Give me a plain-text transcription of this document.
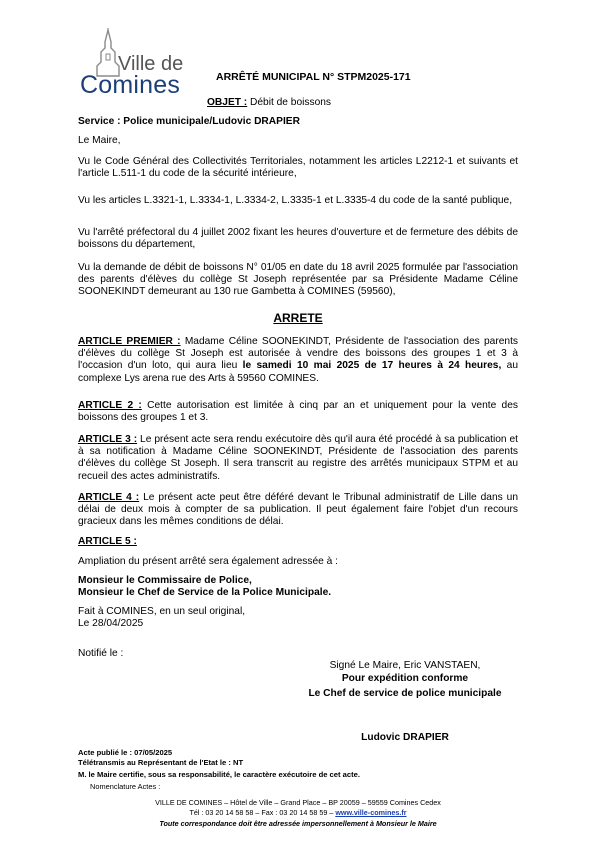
Ville de
Comines	ARRÊTÉ MUNICIPAL N° STPM2025-171
OBJET : Débit de boissons
Service : Police municipale/Ludovic DRAPIER
Le Maire,
Vu le Code Général des Collectivités Territoriales, notamment les articles L2212-1 et suivants et l'article L.511-1 du code de la sécurité intérieure,
Vu les articles L.3321-1, L.3334-1, L.3334-2, L.3335-1 et L.3335-4 du code de la santé publique,
Vu l'arrêté préfectoral du 4 juillet 2002 fixant les heures d'ouverture et de fermeture des débits de boissons du département,
Vu la demande de débit de boissons N° 01/05 en date du 18 avril 2025 formulée par l'association des parents d'élèves du collège St Joseph représentée par sa Présidente Madame Céline SOONEKINDT demeurant au 130 rue Gambetta à COMINES (59560),
ARRETE
ARTICLE PREMIER : Madame Céline SOONEKINDT, Présidente de l'association des parents d'élèves du collège St Joseph est autorisée à vendre des boissons des groupes 1 et 3 à l'occasion d'un loto, qui aura lieu le samedi 10 mai 2025 de 17 heures à 24 heures, au complexe Lys arena rue des Arts à 59560 COMINES.
ARTICLE 2 : Cette autorisation est limitée à cinq par an et uniquement pour la vente des boissons des groupes 1 et 3.
ARTICLE 3 : Le présent acte sera rendu exécutoire dès qu'il aura été procédé à sa publication et à sa notification à Madame Céline SOONEKINDT, Présidente de l'association des parents d'élèves du collège St Joseph. Il sera transcrit au registre des arrêtés municipaux STPM et au recueil des actes administratifs.
ARTICLE 4 : Le présent acte peut être déféré devant le Tribunal administratif de Lille dans un délai de deux mois à compter de sa publication. Il peut également faire l'objet d'un recours gracieux dans les mêmes conditions de délai.
ARTICLE 5 :
Ampliation du présent arrêté sera également adressée à :
Monsieur le Commissaire de Police,
Monsieur le Chef de Service de la Police Municipale.
Fait à COMINES, en un seul original,
Le 28/04/2025
Notifié le :
Signé Le Maire, Eric VANSTAEN,
Pour expédition conforme
Le Chef de service de police municipale
Ludovic DRAPIER
Acte publié le : 07/05/2025
Télétransmis au Représentant de l'Etat le : NT
M. le Maire certifie, sous sa responsabilité, le caractère exécutoire de cet acte.
Nomenclature Actes :
VILLE DE COMINES – Hôtel de Ville – Grand Place – BP 20059 – 59559 Comines Cedex
Tél : 03 20 14 58 58 – Fax : 03 20 14 58 59 – www.ville-comines.fr
Toute correspondance doit être adressée impersonnellement à Monsieur le Maire
